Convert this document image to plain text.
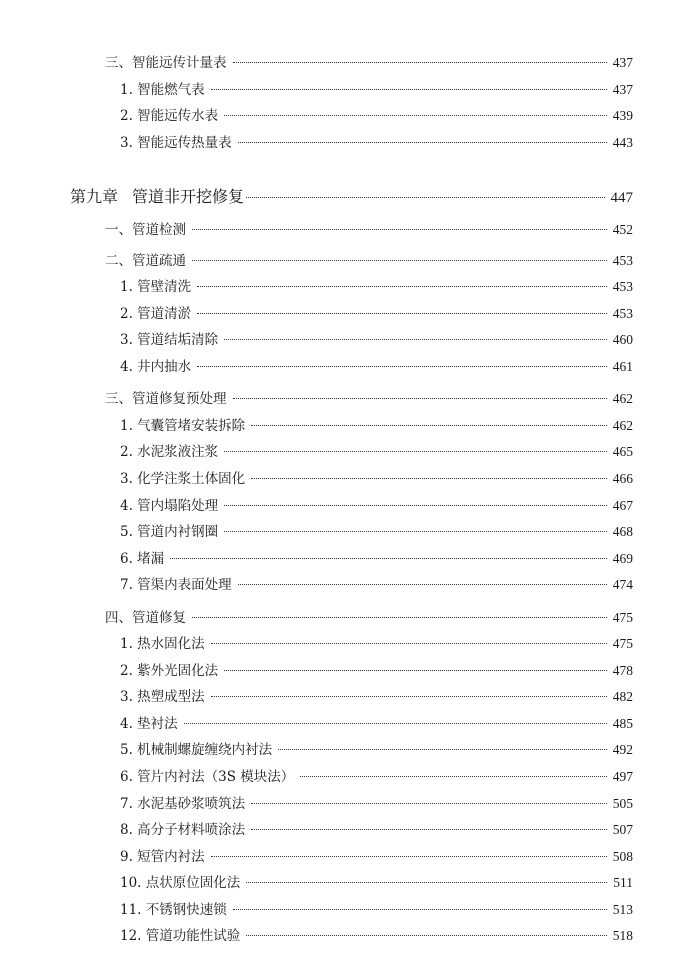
三、智能远传计量表	437
1. 智能燃气表	437
2. 智能远传水表	439
3. 智能远传热量表	443
第九章 管道非开挖修复	447
一、管道检测	452
二、管道疏通	453
1. 管壁清洗	453
2. 管道清淤	453
3. 管道结垢清除	460
4. 井内抽水	461
三、管道修复预处理	462
1. 气囊管堵安装拆除	462
2. 水泥浆液注浆	465
3. 化学注浆土体固化	466
4. 管内塌陷处理	467
5. 管道内衬钢圈	468
6. 堵漏	469
7. 管渠内表面处理	474
四、管道修复	475
1. 热水固化法	475
2. 紫外光固化法	478
3. 热塑成型法	482
4. 垫衬法	485
5. 机械制螺旋缠绕内衬法	492
6. 管片内衬法（3S 模块法）	497
7. 水泥基砂浆喷筑法	505
8. 高分子材料喷涂法	507
9. 短管内衬法	508
10. 点状原位固化法	511
11. 不锈钢快速锁	513
12. 管道功能性试验	518
